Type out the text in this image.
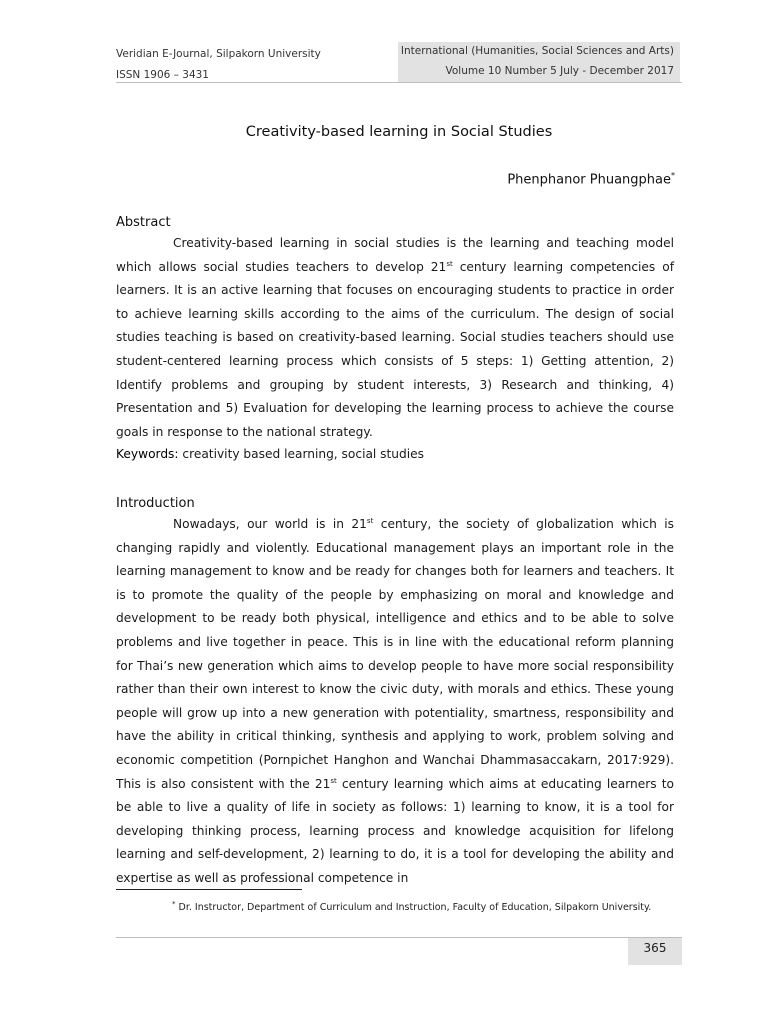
Veridian E-Journal, Silpakorn University
ISSN 1906 – 3431
International (Humanities, Social Sciences and Arts)
Volume 10 Number 5 July - December 2017
Creativity-based learning in Social Studies
Phenphanor Phuangphae*
Abstract
Creativity-based learning in social studies is the learning and teaching model which allows social studies teachers to develop 21st century learning competencies of learners. It is an active learning that focuses on encouraging students to practice in order to achieve learning skills according to the aims of the curriculum. The design of social studies teaching is based on creativity-based learning. Social studies teachers should use student-centered learning process which consists of 5 steps: 1) Getting attention, 2) Identify problems and grouping by student interests, 3) Research and thinking, 4) Presentation and 5) Evaluation for developing the learning process to achieve the course goals in response to the national strategy.
Keywords: creativity based learning, social studies
Introduction
Nowadays, our world is in 21st century, the society of globalization which is changing rapidly and violently. Educational management plays an important role in the learning management to know and be ready for changes both for learners and teachers. It is to promote the quality of the people by emphasizing on moral and knowledge and development to be ready both physical, intelligence and ethics and to be able to solve problems and live together in peace. This is in line with the educational reform planning for Thai’s new generation which aims to develop people to have more social responsibility rather than their own interest to know the civic duty, with morals and ethics. These young people will grow up into a new generation with potentiality, smartness, responsibility and have the ability in critical thinking, synthesis and applying to work, problem solving and economic competition (Pornpichet Hanghon and Wanchai Dhammasaccakarn, 2017:929). This is also consistent with the 21st century learning which aims at educating learners to be able to live a quality of life in society as follows: 1) learning to know, it is a tool for developing thinking process, learning process and knowledge acquisition for lifelong learning and self-development, 2) learning to do, it is a tool for developing the ability and expertise as well as professional competence in
* Dr. Instructor, Department of Curriculum and Instruction, Faculty of Education, Silpakorn University.
365
